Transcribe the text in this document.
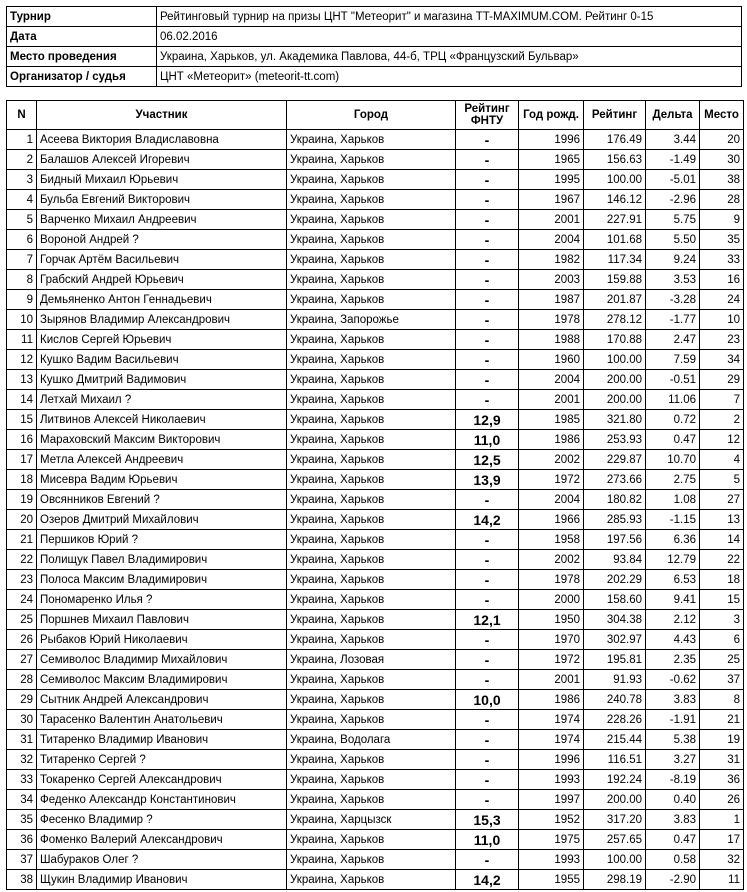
Турнир	Рейтинговый турнир на призы ЦНТ "Метеорит" и магазина TT-MAXIMUM.COM. Рейтинг 0-15
Дата	06.02.2016
Место проведения	Украина, Харьков, ул. Академика Павлова, 44-б, ТРЦ «Французский Бульвар»
Организатор / судья	ЦНТ «Метеорит» (meteorit-tt.com)
N	Участник	Город	Рейтинг ФНТУ	Год рожд.	Рейтинг	Дельта	Место
1	Асеева Виктория Владиславовна	Украина, Харьков	-	1996	176.49	3.44	20
2	Балашов Алексей Игоревич	Украина, Харьков	-	1965	156.63	-1.49	30
3	Бидный Михаил Юрьевич	Украина, Харьков	-	1995	100.00	-5.01	38
4	Бульба Евгений Викторович	Украина, Харьков	-	1967	146.12	-2.96	28
5	Варченко Михаил Андреевич	Украина, Харьков	-	2001	227.91	5.75	9
6	Вороной Андрей ?	Украина, Харьков	-	2004	101.68	5.50	35
7	Горчак Артём Васильевич	Украина, Харьков	-	1982	117.34	9.24	33
8	Грабский Андрей Юрьевич	Украина, Харьков	-	2003	159.88	3.53	16
9	Демьяненко Антон Геннадьевич	Украина, Харьков	-	1987	201.87	-3.28	24
10	Зырянов Владимир Александрович	Украина, Запорожье	-	1978	278.12	-1.77	10
11	Кислов Сергей Юрьевич	Украина, Харьков	-	1988	170.88	2.47	23
12	Кушко Вадим Васильевич	Украина, Харьков	-	1960	100.00	7.59	34
13	Кушко Дмитрий Вадимович	Украина, Харьков	-	2004	200.00	-0.51	29
14	Летхай Михаил ?	Украина, Харьков	-	2001	200.00	11.06	7
15	Литвинов Алексей Николаевич	Украина, Харьков	12,9	1985	321.80	0.72	2
16	Мараховский Максим Викторович	Украина, Харьков	11,0	1986	253.93	0.47	12
17	Метла Алексей Андреевич	Украина, Харьков	12,5	2002	229.87	10.70	4
18	Мисевра Вадим Юрьевич	Украина, Харьков	13,9	1972	273.66	2.75	5
19	Овсянников Евгений ?	Украина, Харьков	-	2004	180.82	1.08	27
20	Озеров Дмитрий Михайлович	Украина, Харьков	14,2	1966	285.93	-1.15	13
21	Першиков Юрий ?	Украина, Харьков	-	1958	197.56	6.36	14
22	Полищук Павел Владимирович	Украина, Харьков	-	2002	93.84	12.79	22
23	Полоса Максим Владимирович	Украина, Харьков	-	1978	202.29	6.53	18
24	Пономаренко Илья ?	Украина, Харьков	-	2000	158.60	9.41	15
25	Поршнев Михаил Павлович	Украина, Харьков	12,1	1950	304.38	2.12	3
26	Рыбаков Юрий Николаевич	Украина, Харьков	-	1970	302.97	4.43	6
27	Семиволос Владимир Михайлович	Украина, Лозовая	-	1972	195.81	2.35	25
28	Семиволос Максим Владимирович	Украина, Харьков	-	2001	91.93	-0.62	37
29	Сытник Андрей Александрович	Украина, Харьков	10,0	1986	240.78	3.83	8
30	Тарасенко Валентин Анатольевич	Украина, Харьков	-	1974	228.26	-1.91	21
31	Титаренко Владимир Иванович	Украина, Водолага	-	1974	215.44	5.38	19
32	Титаренко Сергей ?	Украина, Харьков	-	1996	116.51	3.27	31
33	Токаренко Сергей Александрович	Украина, Харьков	-	1993	192.24	-8.19	36
34	Феденко Александр Константинович	Украина, Харьков	-	1997	200.00	0.40	26
35	Фесенко Владимир ?	Украина, Харцызск	15,3	1952	317.20	3.83	1
36	Фоменко Валерий Александрович	Украина, Харьков	11,0	1975	257.65	0.47	17
37	Шабураков Олег ?	Украина, Харьков	-	1993	100.00	0.58	32
38	Щукин Владимир Иванович	Украина, Харьков	14,2	1955	298.19	-2.90	11
